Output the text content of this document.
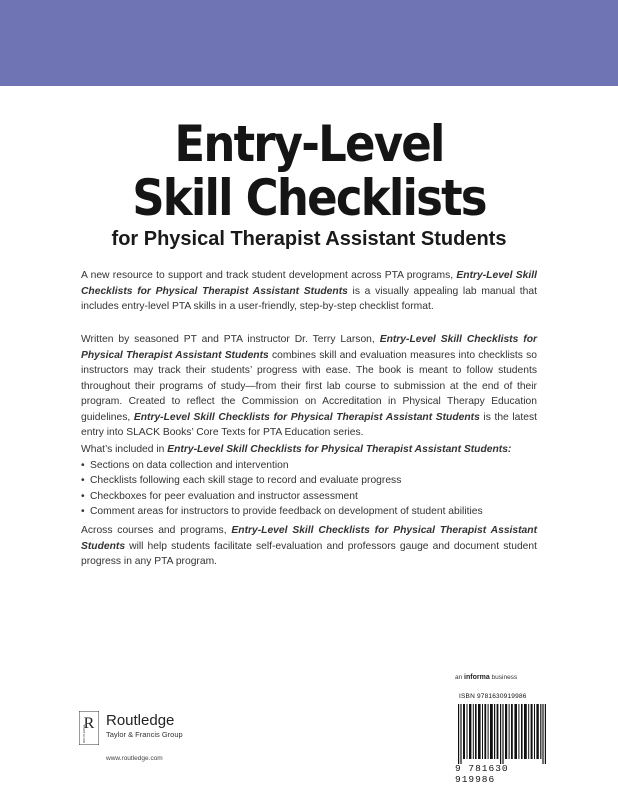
Entry-Level
Skill Checklists
for Physical Therapist Assistant Students

A new resource to support and track student development across PTA programs, Entry-Level Skill Checklists for Physical Therapist Assistant Students is a visually appealing lab manual that includes entry-level PTA skills in a user-friendly, step-by-step checklist format.

Written by seasoned PT and PTA instructor Dr. Terry Larson, Entry-Level Skill Checklists for Physical Therapist Assistant Students combines skill and evaluation measures into checklists so instructors may track their students’ progress with ease. The book is meant to follow students throughout their programs of study—from their first lab course to submission at the end of their program. Created to reflect the Commission on Accreditation in Physical Therapy Education guidelines, Entry-Level Skill Checklists for Physical Therapist Assistant Students is the latest entry into SLACK Books’ Core Texts for PTA Education series.

What’s included in Entry-Level Skill Checklists for Physical Therapist Assistant Students:
• Sections on data collection and intervention
• Checklists following each skill stage to record and evaluate progress
• Checkboxes for peer evaluation and instructor assessment
• Comment areas for instructors to provide feedback on development of student abilities

Across courses and programs, Entry-Level Skill Checklists for Physical Therapist Assistant Students will help students facilitate self-evaluation and professors gauge and document student progress in any PTA program.

an informa business
ISBN 9781630919986
9 781630 919986
R
ROUTLEDGE
Routledge
Taylor & Francis Group
www.routledge.com
